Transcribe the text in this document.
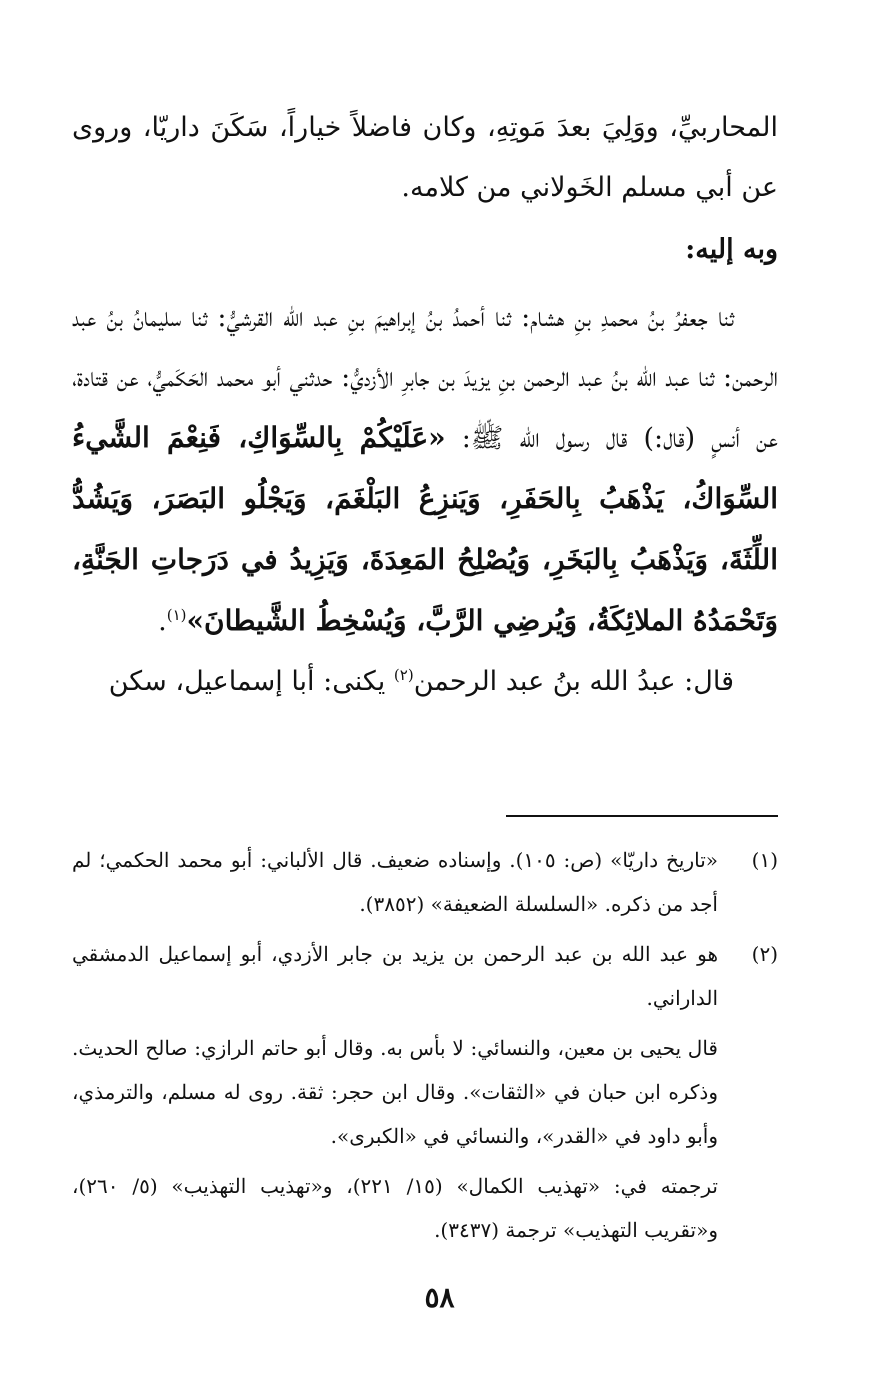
المحاربيِّ، ووَلِيَ بعدَ مَوتِهِ، وكان فاضلاً خياراً، سَكَنَ داريّا، وروى عن أبي مسلم الخَولاني من كلامه.

وبه إليه:

ثنا جعفرُ بنُ محمدِ بنِ هشام: ثنا أحمدُ بنُ إبراهيمَ بنِ عبد الله القرشيُّ: ثنا سليمانُ بنُ عبد الرحمن: ثنا عبد الله بنُ عبد الرحمن بنِ يزيدَ بن جابرِ الأزديُّ: حدثني أبو محمد الحَكَميُّ، عن قتادة، عن أنسٍ (قال:) قال رسول الله ﷺ: «عَلَيْكُمْ بِالسِّوَاكِ، فَنِعْمَ الشَّيءُ السِّوَاكُ، يَذْهَبُ بِالحَفَرِ، وَيَنزِعُ البَلْغَمَ، وَيَجْلُو البَصَرَ، وَيَشُدُّ اللِّثَةَ، وَيَذْهَبُ بِالبَخَرِ، وَيُصْلِحُ المَعِدَةَ، وَيَزِيدُ في دَرَجاتِ الجَنَّةِ، وَتَحْمَدُهُ الملائِكَةُ، وَيُرضِي الرَّبَّ، وَيُسْخِطُ الشَّيطانَ»$^{(١)}$.

قال: عبدُ الله بنُ عبد الرحمن$^{(٢)}$ يكنى: أبا إسماعيل، سكن

(١)
«تاريخ داريّا» (ص: ١٠٥). وإسناده ضعيف. قال الألباني: أبو محمد الحكمي؛ لم أجد من ذكره. «السلسلة الضعيفة» (٣٨٥٢).
(٢)
هو عبد الله بن عبد الرحمن بن يزيد بن جابر الأزدي، أبو إسماعيل الدمشقي الداراني.

قال يحيى بن معين، والنسائي: لا بأس به. وقال أبو حاتم الرازي: صالح الحديث. وذكره ابن حبان في «الثقات». وقال ابن حجر: ثقة. روى له مسلم، والترمذي، وأبو داود في «القدر»، والنسائي في «الكبرى».

ترجمته في: «تهذيب الكمال» (١٥/ ٢٢١)، و«تهذيب التهذيب» (٥/ ٢٦٠)، و«تقريب التهذيب» ترجمة (٣٤٣٧).

٥٨
